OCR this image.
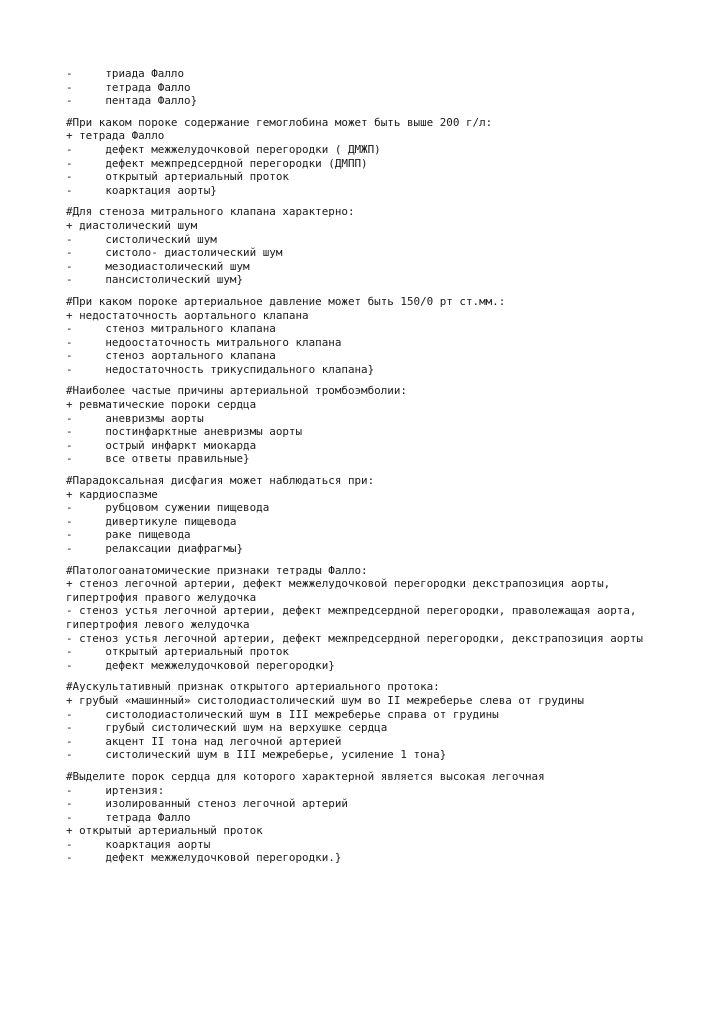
-     триада Фалло
-     тетрада Фалло
-     пентада Фалло}
#При каком пороке содержание гемоглобина может быть выше 200 г/л:
+ тетрада Фалло
-     дефект межжелудочковой перегородки ( ДМЖП)
-     дефект межпредсердной перегородки (ДМПП)
-     открытый артериальный проток
-     коарктация аорты}
#Для стеноза митрального клапана характерно:
+ диастолический шум
-     систолический шум
-     систоло- диастолический шум
-     мезодиастолический шум
-     пансистолический шум}
#При каком пороке артериальное давление может быть 150/0 рт ст.мм.:
+ недостаточность аортального клапана
-     стеноз митрального клапана
-     недоостаточность митрального клапана
-     стеноз аортального клапана
-     недостаточность трикуспидального клапана}
#Наиболее частые причины артериальной тромбоэмболии:
+ ревматические пороки сердца
-     аневризмы аорты
-     постинфарктные аневризмы аорты
-     острый инфаркт миокарда
-     все ответы правильные}
#Парадоксальная дисфагия может наблюдаться при:
+ кардиоспазме
-     рубцовом сужении пищевода
-     дивертикуле пищевода
-     раке пищевода
-     релаксации диафрагмы}
#Патологоанатомические признаки тетрады Фалло:
+ стеноз легочной артерии, дефект межжелудочковой перегородки декстрапозиция аорты, гипертрофия правого желудочка
- стеноз устья легочной артерии, дефект межпредсердной перегородки, праволежащая аорта, гипертрофия левого желудочка
- стеноз устья легочной артерии, дефект межпредсердной перегородки, декстрапозиция аорты
-     открытый артериальный проток
-     дефект межжелудочковой перегородки}
#Аускультативный признак открытого артериального протока:
+ грубый «машинный» систолодиастолический шум во II межреберье слева от грудины
-     систолодиастолический шум в III межреберье справа от грудины
-     грубый систолический шум на верхушке сердца
-     акцент II тона над легочной артерией
-     систолический шум в III межреберье, усиление 1 тона}
#Выделите порок сердца для которого характерной является высокая легочная
-     иртензия:
-     изолированный стеноз легочной артерий
-     тетрада Фалло
+ открытый артериальный проток
-     коарктация аорты
-     дефект межжелудочковой перегородки.}
